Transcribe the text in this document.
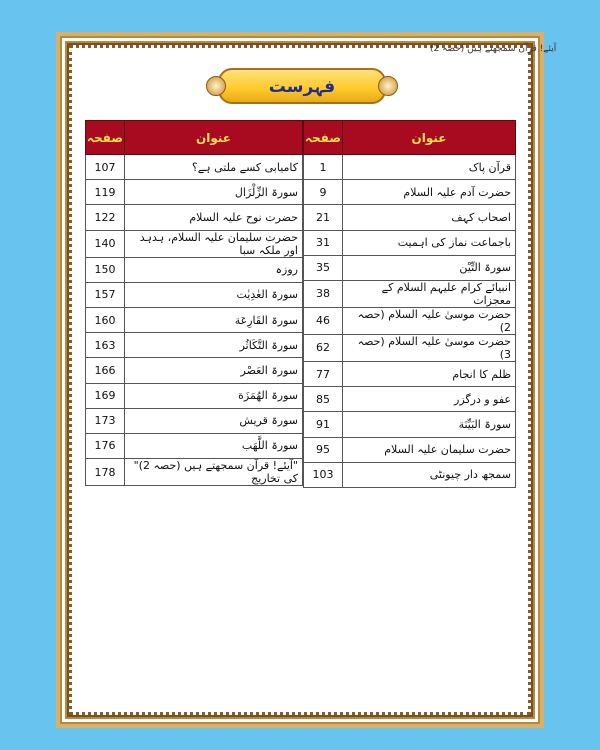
آیئے! قرآن سمجھتے ہیں (حصہ 2)
فہرست
عنوان	صفحہ
قرآن پاک	1
حضرت آدم علیہ السلام	9
اصحاب کہف	21
باجماعت نماز کی اہمیت	31
سورۃ التِّیْن	35
انبیائے کرام علیہم السلام کے معجزات	38
حضرت موسیٰ علیہ السلام (حصہ 2)	46
حضرت موسیٰ علیہ السلام (حصہ 3)	62
ظلم کا انجام	77
عفو و درگزر	85
سورۃ البَیِّنَة	91
حضرت سلیمان علیہ السلام	95
سمجھ دار چیونٹی	103
عنوان	صفحہ
کامیابی کسے ملتی ہے؟	107
سورۃ الزِّلْزَال	119
حضرت نوح علیہ السلام	122
حضرت سلیمان علیہ السلام، ہدہد اور ملکہ سبا	140
روزہ	150
سورۃ العٰدِیٰت	157
سورۃ القَارِعَة	160
سورۃ التَّکَاثُر	163
سورۃ العَصْر	166
سورۃ الھُمَزَة	169
سورۃ قریش	173
سورۃ اللَّھَب	176
"آیئے! قرآن سمجھتے ہیں (حصہ 2)" کی تخاریج	178
